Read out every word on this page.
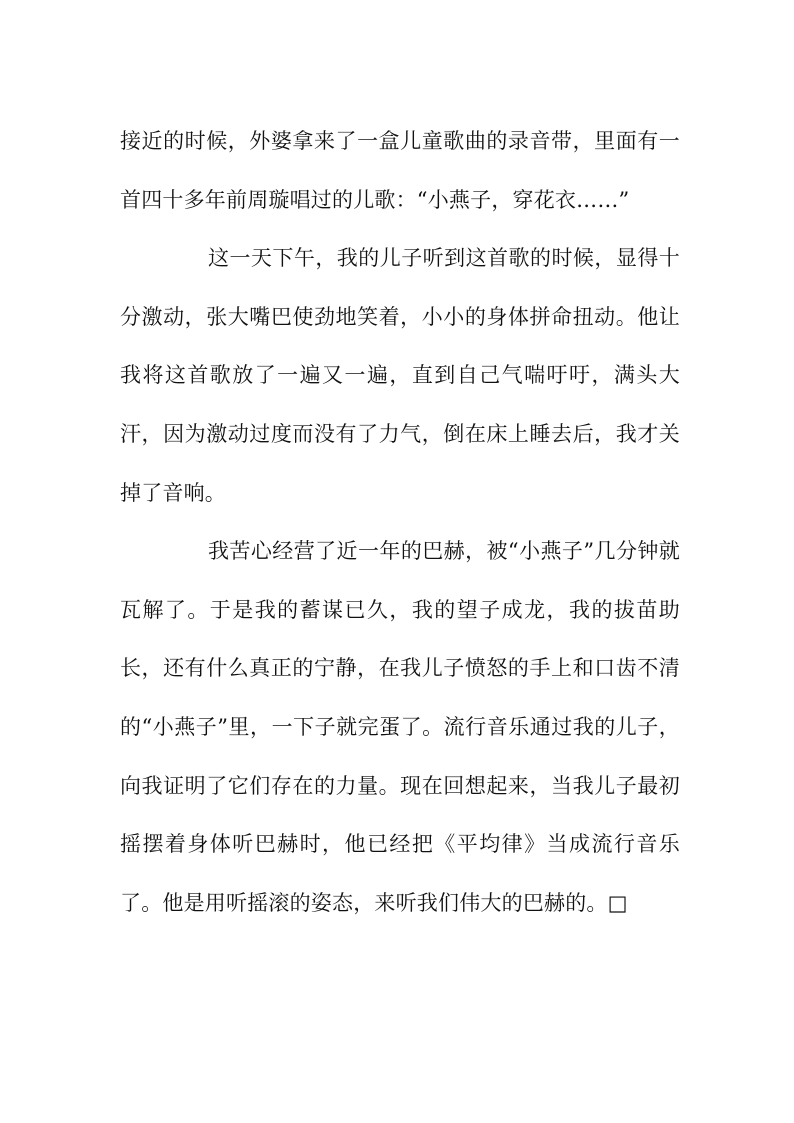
接近的时候，外婆拿来了一盒儿童歌曲的录音带，里面有一首四十多年前周璇唱过的儿歌：“小燕子，穿花衣……”

这一天下午，我的儿子听到这首歌的时候，显得十分激动，张大嘴巴使劲地笑着，小小的身体拼命扭动。他让我将这首歌放了一遍又一遍，直到自己气喘吁吁，满头大汗，因为激动过度而没有了力气，倒在床上睡去后，我才关掉了音响。

我苦心经营了近一年的巴赫，被“小燕子”几分钟就瓦解了。于是我的蓄谋已久，我的望子成龙，我的拔苗助长，还有什么真正的宁静，在我儿子愤怒的手上和口齿不清的“小燕子”里，一下子就完蛋了。流行音乐通过我的儿子，向我证明了它们存在的力量。现在回想起来，当我儿子最初摇摆着身体听巴赫时，他已经把《平均律》当成流行音乐了。他是用听摇滚的姿态，来听我们伟大的巴赫的。□
